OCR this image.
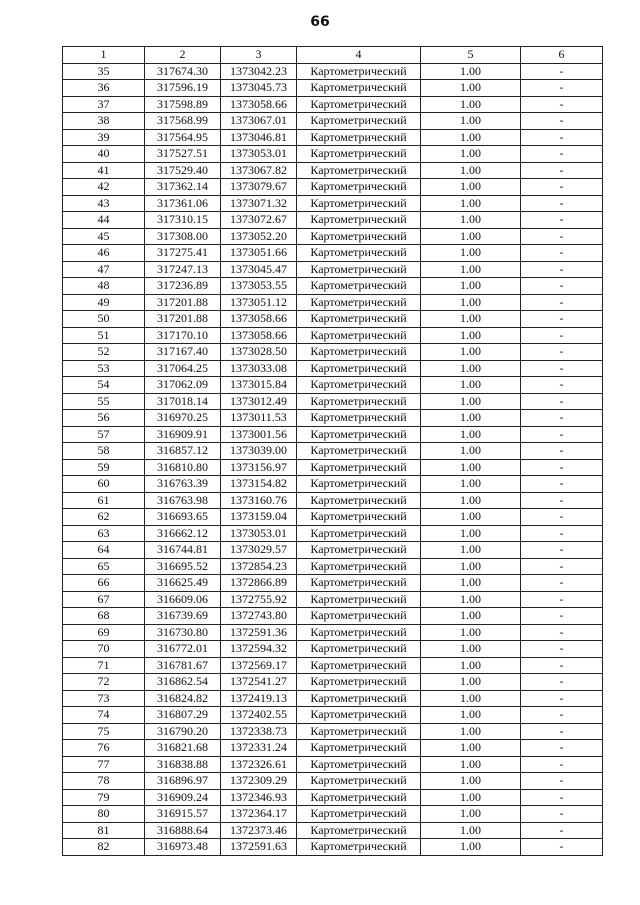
66
1	2	3	4	5	6
35	317674.30	1373042.23	Картометрический	1.00	-
36	317596.19	1373045.73	Картометрический	1.00	-
37	317598.89	1373058.66	Картометрический	1.00	-
38	317568.99	1373067.01	Картометрический	1.00	-
39	317564.95	1373046.81	Картометрический	1.00	-
40	317527.51	1373053.01	Картометрический	1.00	-
41	317529.40	1373067.82	Картометрический	1.00	-
42	317362.14	1373079.67	Картометрический	1.00	-
43	317361.06	1373071.32	Картометрический	1.00	-
44	317310.15	1373072.67	Картометрический	1.00	-
45	317308.00	1373052.20	Картометрический	1.00	-
46	317275.41	1373051.66	Картометрический	1.00	-
47	317247.13	1373045.47	Картометрический	1.00	-
48	317236.89	1373053.55	Картометрический	1.00	-
49	317201.88	1373051.12	Картометрический	1.00	-
50	317201.88	1373058.66	Картометрический	1.00	-
51	317170.10	1373058.66	Картометрический	1.00	-
52	317167.40	1373028.50	Картометрический	1.00	-
53	317064.25	1373033.08	Картометрический	1.00	-
54	317062.09	1373015.84	Картометрический	1.00	-
55	317018.14	1373012.49	Картометрический	1.00	-
56	316970.25	1373011.53	Картометрический	1.00	-
57	316909.91	1373001.56	Картометрический	1.00	-
58	316857.12	1373039.00	Картометрический	1.00	-
59	316810.80	1373156.97	Картометрический	1.00	-
60	316763.39	1373154.82	Картометрический	1.00	-
61	316763.98	1373160.76	Картометрический	1.00	-
62	316693.65	1373159.04	Картометрический	1.00	-
63	316662.12	1373053.01	Картометрический	1.00	-
64	316744.81	1373029.57	Картометрический	1.00	-
65	316695.52	1372854.23	Картометрический	1.00	-
66	316625.49	1372866.89	Картометрический	1.00	-
67	316609.06	1372755.92	Картометрический	1.00	-
68	316739.69	1372743.80	Картометрический	1.00	-
69	316730.80	1372591.36	Картометрический	1.00	-
70	316772.01	1372594.32	Картометрический	1.00	-
71	316781.67	1372569.17	Картометрический	1.00	-
72	316862.54	1372541.27	Картометрический	1.00	-
73	316824.82	1372419.13	Картометрический	1.00	-
74	316807.29	1372402.55	Картометрический	1.00	-
75	316790.20	1372338.73	Картометрический	1.00	-
76	316821.68	1372331.24	Картометрический	1.00	-
77	316838.88	1372326.61	Картометрический	1.00	-
78	316896.97	1372309.29	Картометрический	1.00	-
79	316909.24	1372346.93	Картометрический	1.00	-
80	316915.57	1372364.17	Картометрический	1.00	-
81	316888.64	1372373.46	Картометрический	1.00	-
82	316973.48	1372591.63	Картометрический	1.00	-
